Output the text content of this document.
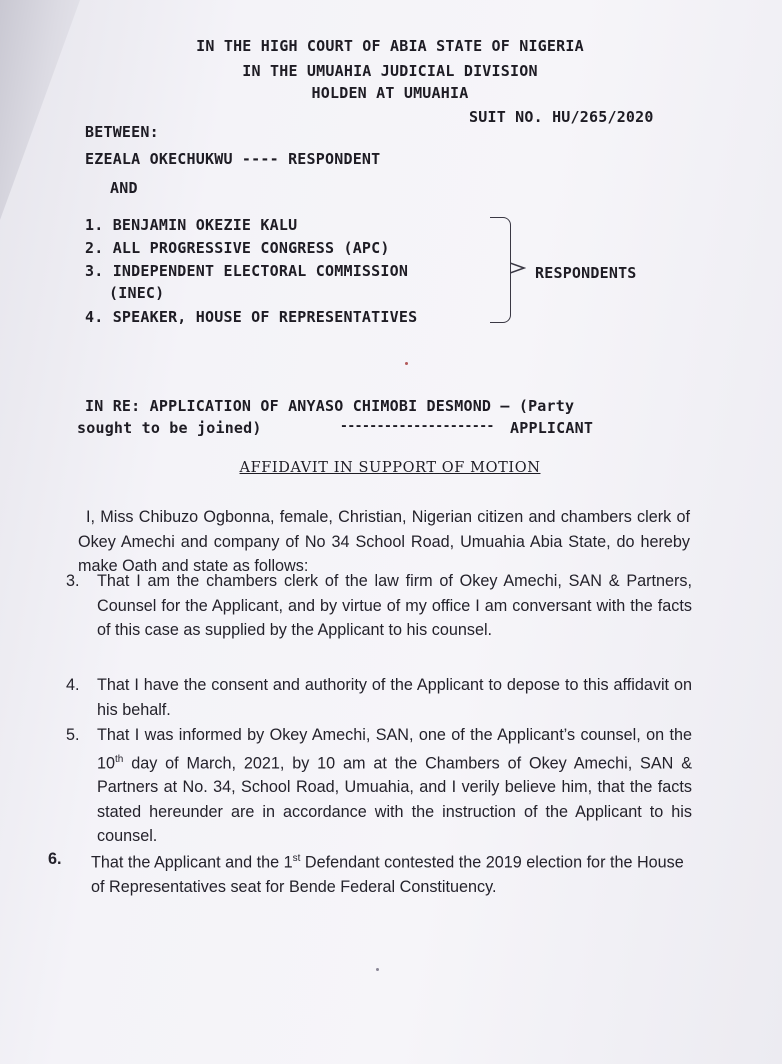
IN THE HIGH COURT OF ABIA STATE OF NIGERIA
IN THE UMUAHIA JUDICIAL DIVISION
HOLDEN AT UMUAHIA
SUIT NO. HU/265/2020
BETWEEN:
EZEALA OKECHUKWU ---- RESPONDENT
AND
1. BENJAMIN OKEZIE KALU
2. ALL PROGRESSIVE CONGRESS (APC)
3. INDEPENDENT ELECTORAL COMMISSION
(INEC)
4. SPEAKER, HOUSE OF REPRESENTATIVES
RESPONDENTS
IN RE: APPLICATION OF ANYASO CHIMOBI DESMOND – (Party
sought to be joined)	--------------------- APPLICANT
AFFIDAVIT IN SUPPORT OF MOTION
I, Miss Chibuzo Ogbonna, female, Christian, Nigerian citizen and chambers clerk of Okey Amechi and company of No 34 School Road, Umuahia Abia State, do hereby make Oath and state as follows:
3.	That I am the chambers clerk of the law firm of Okey Amechi, SAN & Partners, Counsel for the Applicant, and by virtue of my office I am conversant with the facts of this case as supplied by the Applicant to his counsel.
4.	That I have the consent and authority of the Applicant to depose to this affidavit on his behalf.
5.	That I was informed by Okey Amechi, SAN, one of the Applicant’s counsel, on the 10th day of March, 2021, by 10 am at the Chambers of Okey Amechi, SAN & Partners at No. 34, School Road, Umuahia, and I verily believe him, that the facts stated hereunder are in accordance with the instruction of the Applicant to his counsel.
6.	That the Applicant and the 1st Defendant contested the 2019 election for the House of Representatives seat for Bende Federal Constituency.
